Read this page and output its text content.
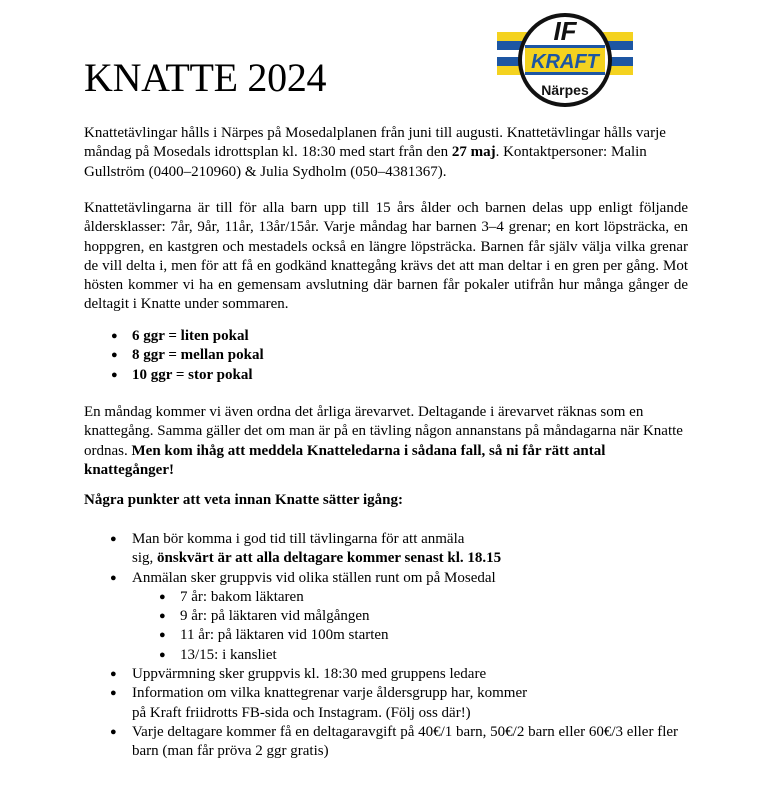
KNATTE 2024
IF
KRAFT
Närpes

Knattetävlingar hålls i Närpes på Mosedalplanen från juni till augusti. Knattetävlingar hålls varje måndag på Mosedals idrottsplan kl. 18:30 med start från den 27 maj. Kontaktpersoner: Malin Gullström (0400–210960) & Julia Sydholm (050–4381367).

Knattetävlingarna är till för alla barn upp till 15 års ålder och barnen delas upp enligt följande åldersklasser: 7år, 9år, 11år, 13år/15år. Varje måndag har barnen 3–4 grenar; en kort löpsträcka, en hoppgren, en kastgren och mestadels också en längre löpsträcka. Barnen får själv välja vilka grenar de vill delta i, men för att få en godkänd knattegång krävs det att man deltar i en gren per gång. Mot hösten kommer vi ha en gemensam avslutning där barnen får pokaler utifrån hur många gånger de deltagit i Knatte under sommaren.

● 6 ggr = liten pokal
● 8 ggr = mellan pokal
● 10 ggr = stor pokal

En måndag kommer vi även ordna det årliga ärevarvet. Deltagande i ärevarvet räknas som en knattegång. Samma gäller det om man är på en tävling någon annanstans på måndagarna när Knatte ordnas. Men kom ihåg att meddela Knatteledarna i sådana fall, så ni får rätt antal knattegånger!

Några punkter att veta innan Knatte sätter igång:

● Man bör komma i god tid till tävlingarna för att anmäla
sig, önskvärt är att alla deltagare kommer senast kl. 18.15
● Anmälan sker gruppvis vid olika ställen runt om på Mosedal
● 7 år: bakom läktaren
● 9 år: på läktaren vid målgången
● 11 år: på läktaren vid 100m starten
● 13/15: i kansliet
● Uppvärmning sker gruppvis kl. 18:30 med gruppens ledare
● Information om vilka knattegrenar varje åldersgrupp har, kommer
på Kraft friidrotts FB-sida och Instagram. (Följ oss där!)
● Varje deltagare kommer få en deltagaravgift på 40€/1 barn, 50€/2 barn eller 60€/3 eller fler barn (man får pröva 2 ggr gratis)
